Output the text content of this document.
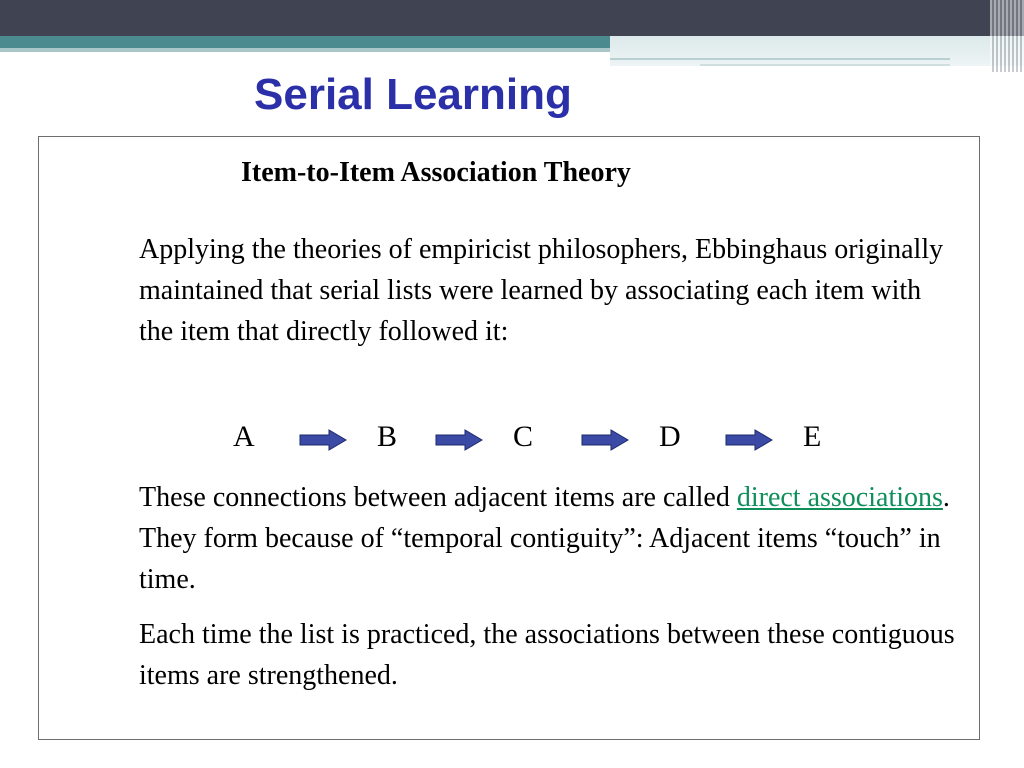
Serial Learning

Item-to-Item Association Theory

Applying the theories of empiricist philosophers, Ebbinghaus originally maintained that serial lists were learned by associating each item with the item that directly followed it:

A	B	C	D	E

These connections between adjacent items are called direct associations. They form because of “temporal contiguity”: Adjacent items “touch” in time.

Each time the list is practiced, the associations between these contiguous items are strengthened.
